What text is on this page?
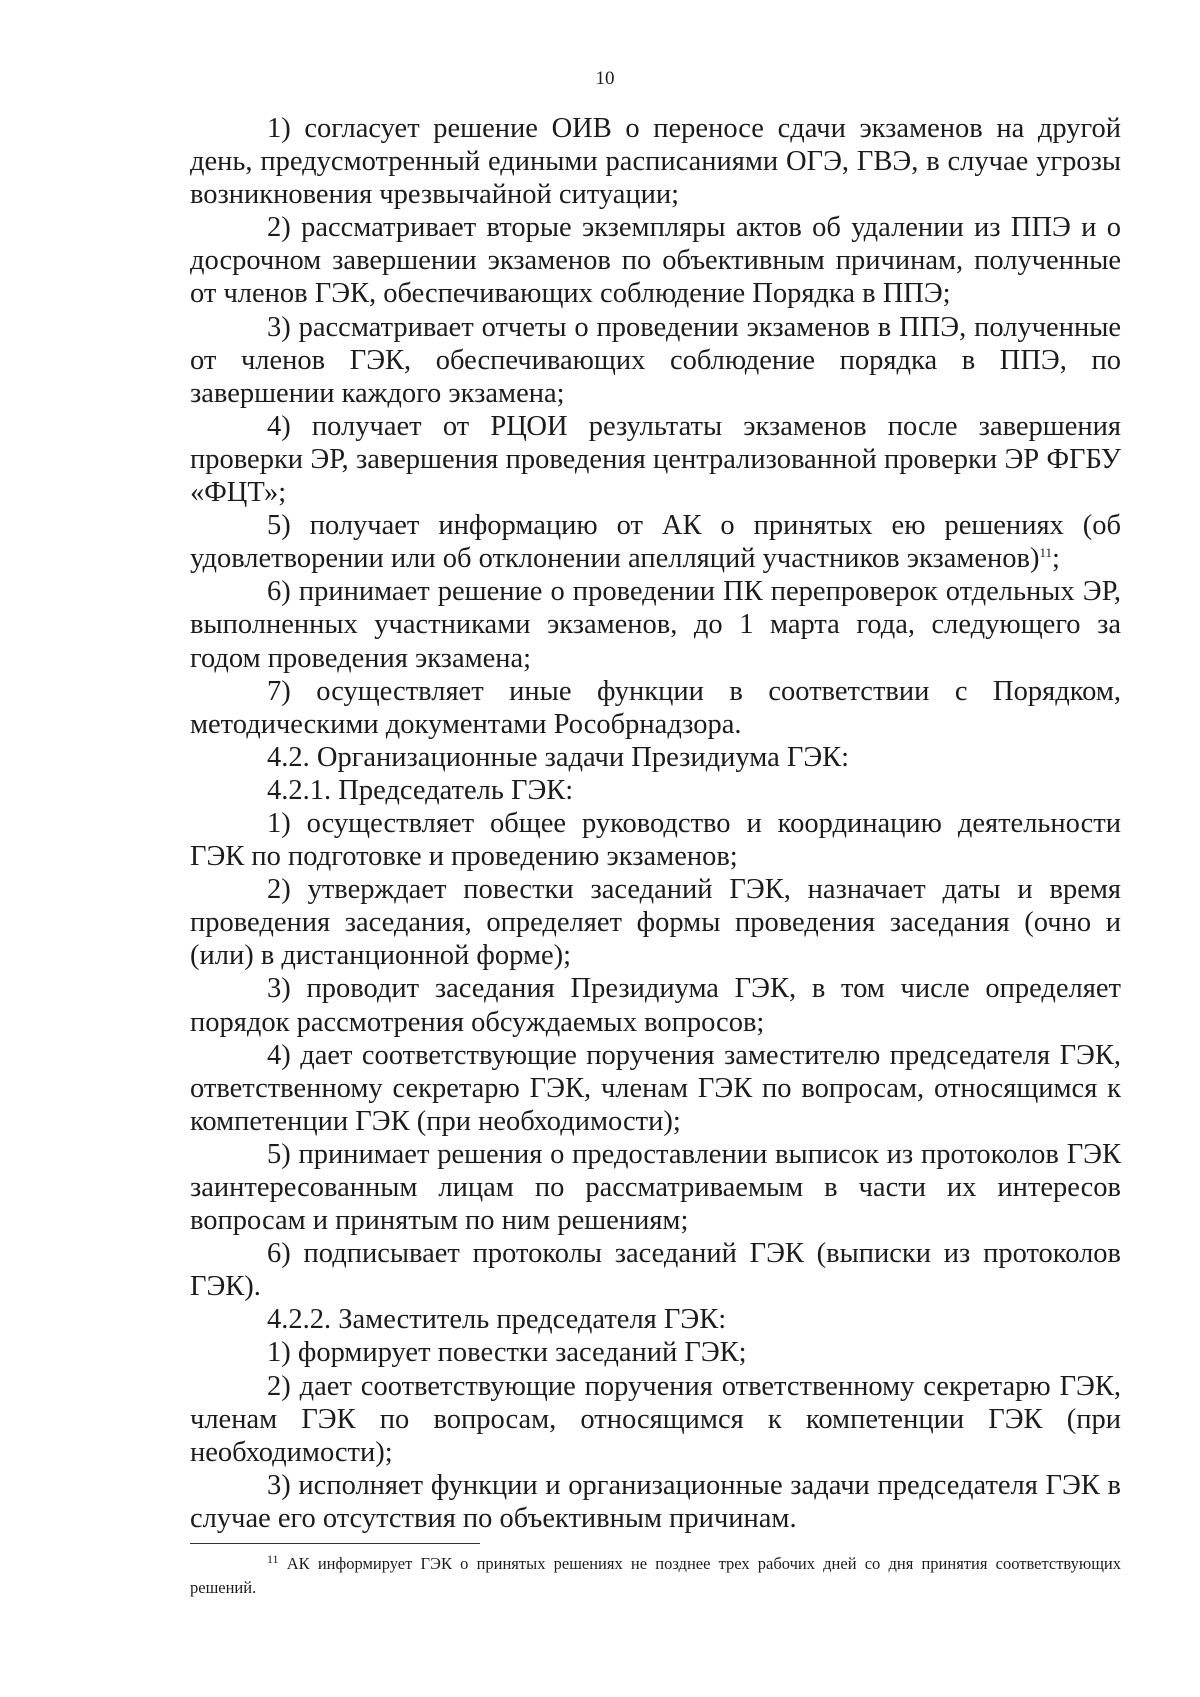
10

1) согласует решение ОИВ о переносе сдачи экзаменов на другой день, предусмотренный едиными расписаниями ОГЭ, ГВЭ, в случае угрозы возникновения чрезвычайной ситуации;

2) рассматривает вторые экземпляры актов об удалении из ППЭ и о досрочном завершении экзаменов по объективным причинам, полученные от членов ГЭК, обеспечивающих соблюдение Порядка в ППЭ;

3) рассматривает отчеты о проведении экзаменов в ППЭ, полученные от членов ГЭК, обеспечивающих соблюдение порядка в ППЭ, по завершении каждого экзамена;

4) получает от РЦОИ результаты экзаменов после завершения проверки ЭР, завершения проведения централизованной проверки ЭР ФГБУ «ФЦТ»;

5) получает информацию от АК о принятых ею решениях (об удовлетворении или об отклонении апелляций участников экзаменов)$^{11}$;

6) принимает решение о проведении ПК перепроверок отдельных ЭР, выполненных участниками экзаменов, до 1 марта года, следующего за годом проведения экзамена;

7) осуществляет иные функции в соответствии с Порядком, методическими документами Рособрнадзора.

4.2. Организационные задачи Президиума ГЭК:

4.2.1. Председатель ГЭК:

1) осуществляет общее руководство и координацию деятельности ГЭК по подготовке и проведению экзаменов;

2) утверждает повестки заседаний ГЭК, назначает даты и время проведения заседания, определяет формы проведения заседания (очно и (или) в дистанционной форме);

3) проводит заседания Президиума ГЭК, в том числе определяет порядок рассмотрения обсуждаемых вопросов;

4) дает соответствующие поручения заместителю председателя ГЭК, ответственному секретарю ГЭК, членам ГЭК по вопросам, относящимся к компетенции ГЭК (при необходимости);

5) принимает решения о предоставлении выписок из протоколов ГЭК заинтересованным лицам по рассматриваемым в части их интересов вопросам и принятым по ним решениям;

6) подписывает протоколы заседаний ГЭК (выписки из протоколов ГЭК).

4.2.2. Заместитель председателя ГЭК:

1) формирует повестки заседаний ГЭК;

2) дает соответствующие поручения ответственному секретарю ГЭК, членам ГЭК по вопросам, относящимся к компетенции ГЭК (при необходимости);

3) исполняет функции и организационные задачи председателя ГЭК в случае его отсутствия по объективным причинам.

$^{11}$ АК информирует ГЭК о принятых решениях не позднее трех рабочих дней со дня принятия соответствующих решений.
